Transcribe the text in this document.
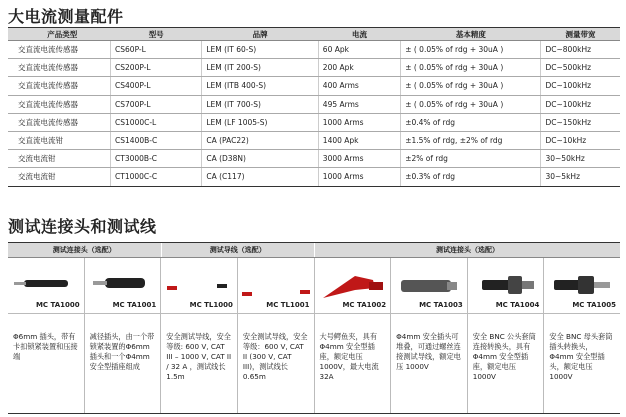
大电流测量配件
产品类型	型号	品牌	电流	基本精度	测量带宽
交直流电流传感器	CS60P-L	LEM (IT 60-S)	60 Apk	± ( 0.05% of rdg + 30uA )	DC~800kHz
交直流电流传感器	CS200P-L	LEM (IT 200-S)	200 Apk	± ( 0.05% of rdg + 30uA )	DC~500kHz
交直流电流传感器	CS400P-L	LEM (ITB 400-S)	400 Arms	± ( 0.05% of rdg + 30uA )	DC~100kHz
交直流电流传感器	CS700P-L	LEM (IT 700-S)	495 Arms	± ( 0.05% of rdg + 30uA )	DC~100kHz
交直流电流传感器	CS1000C-L	LEM (LF 1005-S)	1000 Arms	±0.4% of rdg	DC~150kHz
交直流电流钳	CS1400B-C	CA (PAC22)	1400 Apk	±1.5% of rdg, ±2% of rdg	DC~10kHz
交流电流钳	CT3000B-C	CA (D38N)	3000 Arms	±2% of rdg	30~50kHz
交流电流钳	CT1000C-C	CA (C117)	1000 Arms	±0.3% of rdg	30~5kHz
测试连接头和测试线
测试连接头（选配）	测试导线（选配）	测试连接头（选配）
MC TA1000
Φ6mm 插头，带有卡扣锁紧装置和压接端
MC TA1001
减径插头，由一个带锁紧装置的Φ6mm 插头和一个Φ4mm 安全型插座组成
MC TL1000
安全测试导线，安全等级: 600 V, CAT III – 1000 V, CAT II / 32 A ，测试线长 1.5m
MC TL1001
安全测试导线，安全等级：600 V, CAT II (300 V, CAT III)，测试线长 0.65m
MC TA1002
大号鳄鱼夹，具有Φ4mm 安全型插座，额定电压 1000V，最大电流 32A
MC TA1003
Φ4mm 安全插头可堆叠，可通过螺丝连接测试导线，额定电压 1000V
MC TA1004
安全 BNC 公头套筒连接转换头，具有Φ4mm 安全型插座，额定电压 1000V
MC TA1005
安全 BNC 母头套筒插头转换头，Φ4mm 安全型插头，额定电压 1000V
